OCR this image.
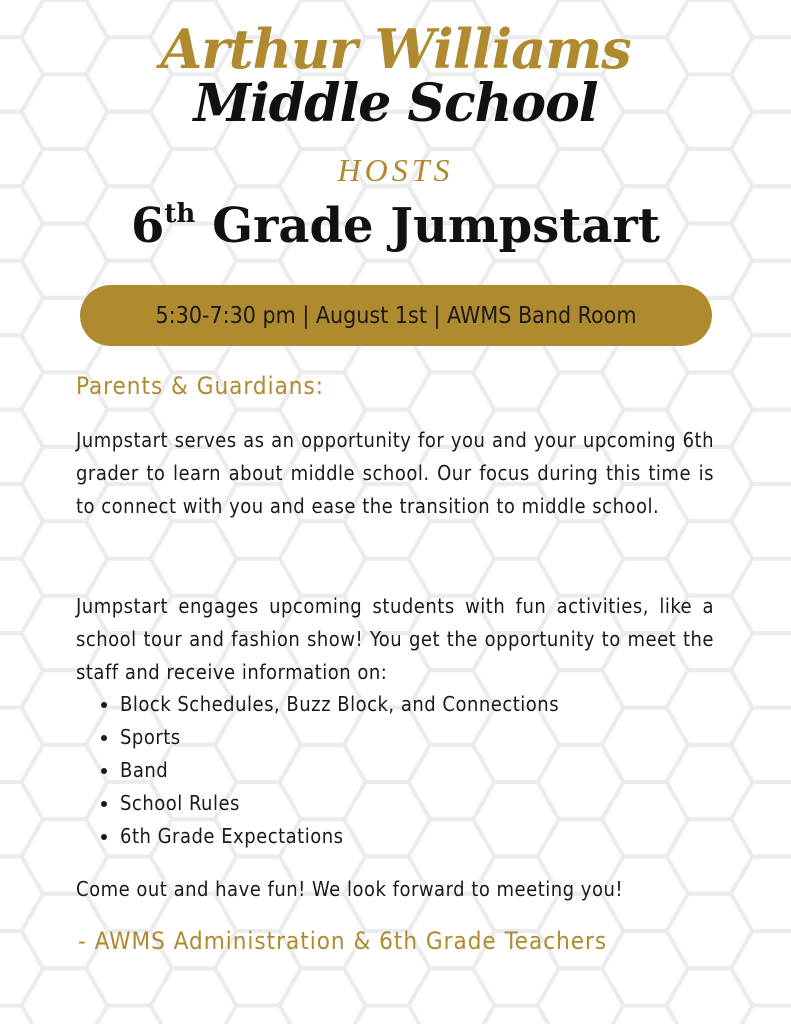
Arthur Williams
Middle School
HOSTS
6th Grade Jumpstart
5:30-7:30 pm | August 1st | AWMS Band Room
Parents & Guardians:
Jumpstart serves as an opportunity for you and your upcoming 6th grader to learn about middle school. Our focus during this time is to connect with you and ease the transition to middle school.
Jumpstart engages upcoming students with fun activities, like a school tour and fashion show! You get the opportunity to meet the staff and receive information on:
• Block Schedules, Buzz Block, and Connections
• Sports
• Band
• School Rules
• 6th Grade Expectations
Come out and have fun! We look forward to meeting you!
- AWMS Administration & 6th Grade Teachers
